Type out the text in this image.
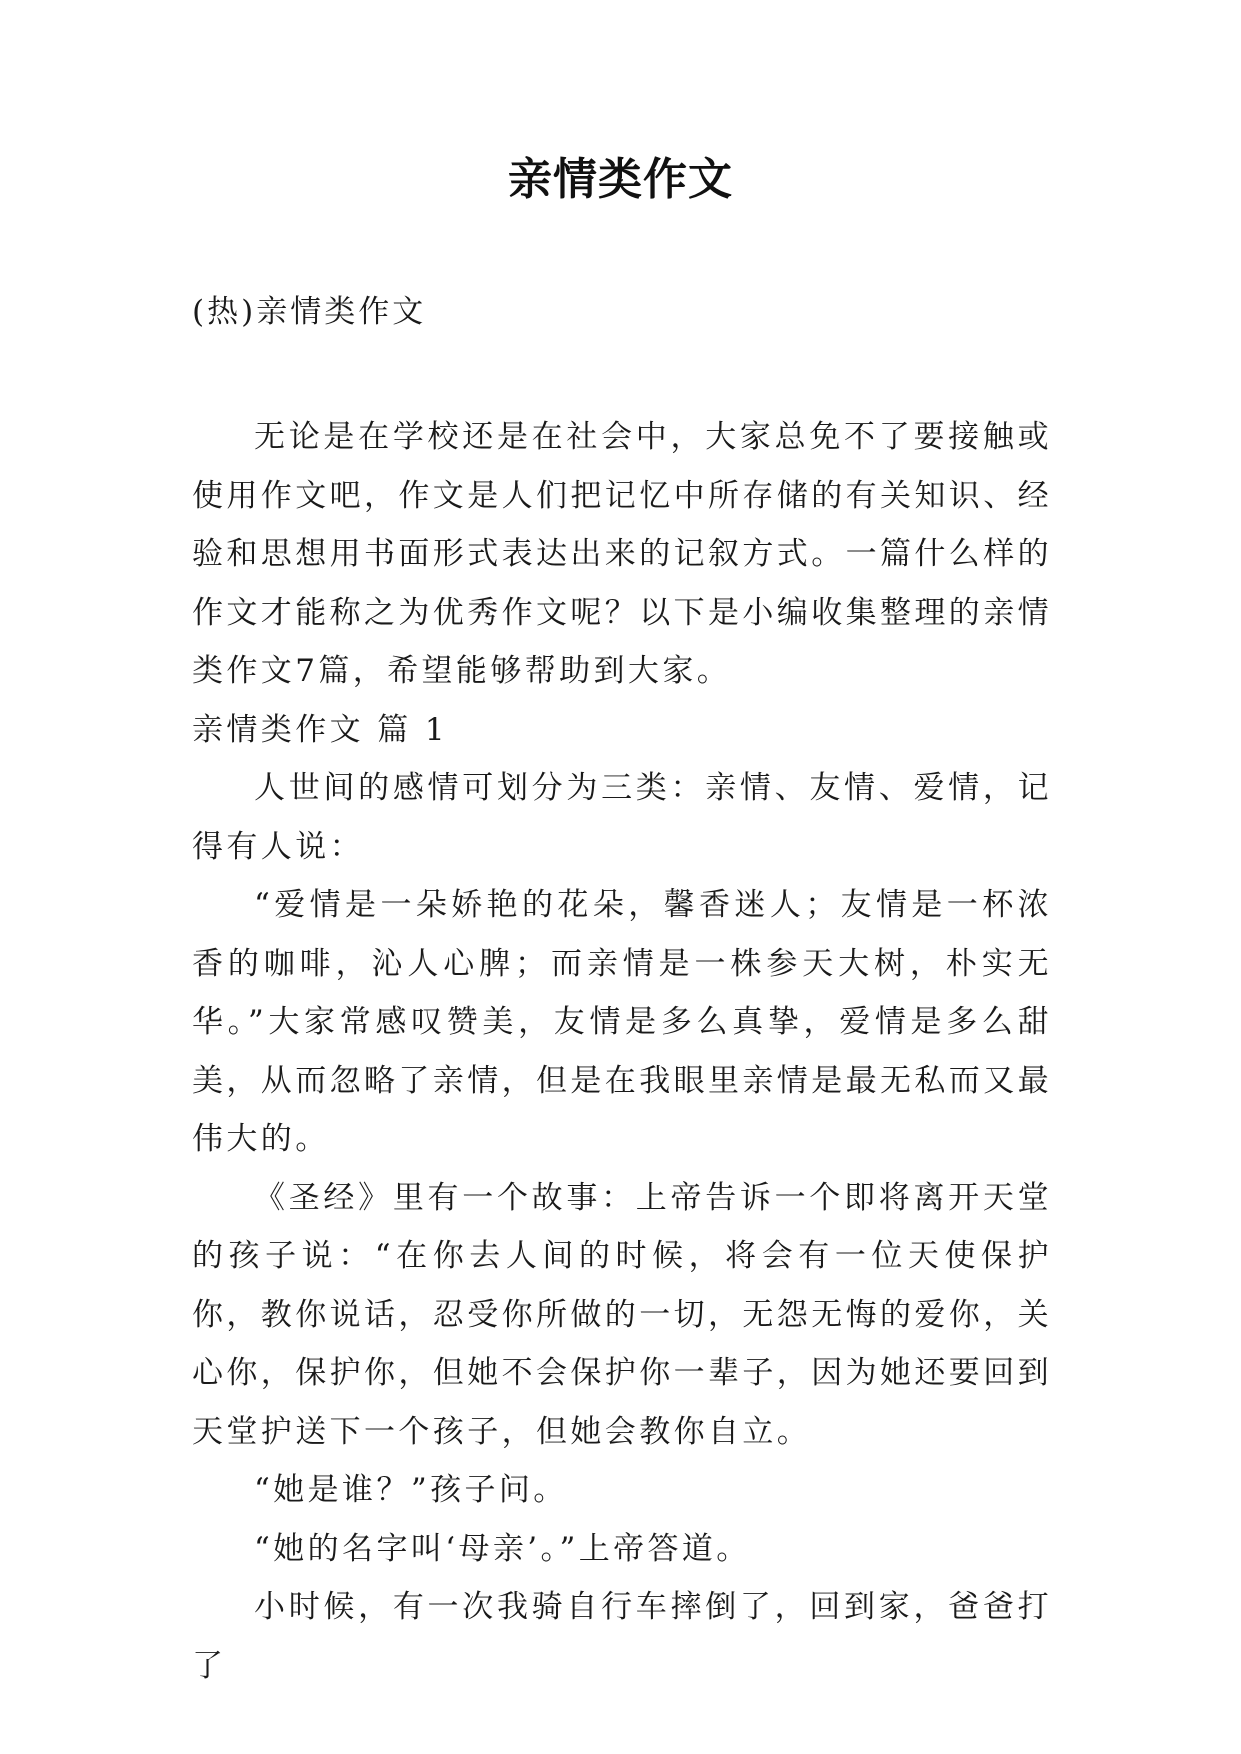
亲情类作文
(热)亲情类作文

无论是在学校还是在社会中，大家总免不了要接触或使用作文吧，作文是人们把记忆中所存储的有关知识、经验和思想用书面形式表达出来的记叙方式。一篇什么样的作文才能称之为优秀作文呢？以下是小编收集整理的亲情类作文7篇，希望能够帮助到大家。

亲情类作文 篇 1

人世间的感情可划分为三类：亲情、友情、爱情，记得有人说：

“爱情是一朵娇艳的花朵，馨香迷人；友情是一杯浓香的咖啡，沁人心脾；而亲情是一株参天大树，朴实无华。”大家常感叹赞美，友情是多么真挚，爱情是多么甜美，从而忽略了亲情，但是在我眼里亲情是最无私而又最伟大的。

《圣经》里有一个故事：上帝告诉一个即将离开天堂的孩子说：“在你去人间的时候，将会有一位天使保护你，教你说话，忍受你所做的一切，无怨无悔的爱你，关心你，保护你，但她不会保护你一辈子，因为她还要回到天堂护送下一个孩子，但她会教你自立。

“她是谁？”孩子问。

“她的名字叫‘母亲’。”上帝答道。

小时候，有一次我骑自行车摔倒了，回到家，爸爸打了
